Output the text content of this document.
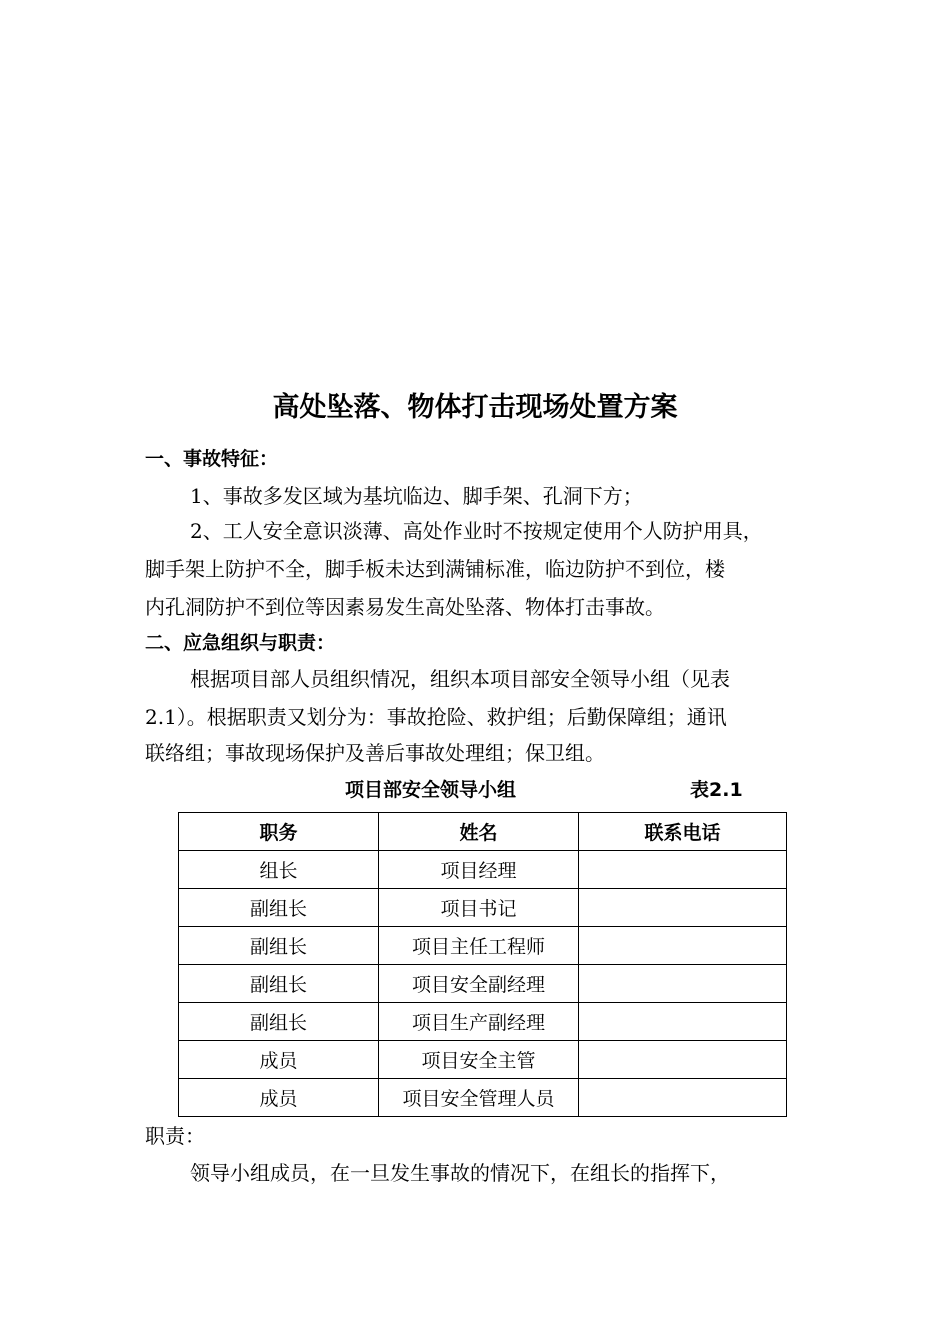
高处坠落、物体打击现场处置方案
一、事故特征：
1、事故多发区域为基坑临边、脚手架、孔洞下方；
2、工人安全意识淡薄、高处作业时不按规定使用个人防护用具，
脚手架上防护不全，脚手板未达到满铺标准，临边防护不到位，楼
内孔洞防护不到位等因素易发生高处坠落、物体打击事故。
二、应急组织与职责：
根据项目部人员组织情况，组织本项目部安全领导小组（见表
2.1）。根据职责又划分为：事故抢险、救护组；后勤保障组；通讯
联络组；事故现场保护及善后事故处理组；保卫组。
项目部安全领导小组	表2.1
职务	姓名	联系电话
组长	项目经理	
副组长	项目书记	
副组长	项目主任工程师	
副组长	项目安全副经理	
副组长	项目生产副经理	
成员	项目安全主管	
成员	项目安全管理人员	
职责：
领导小组成员，在一旦发生事故的情况下，在组长的指挥下，
